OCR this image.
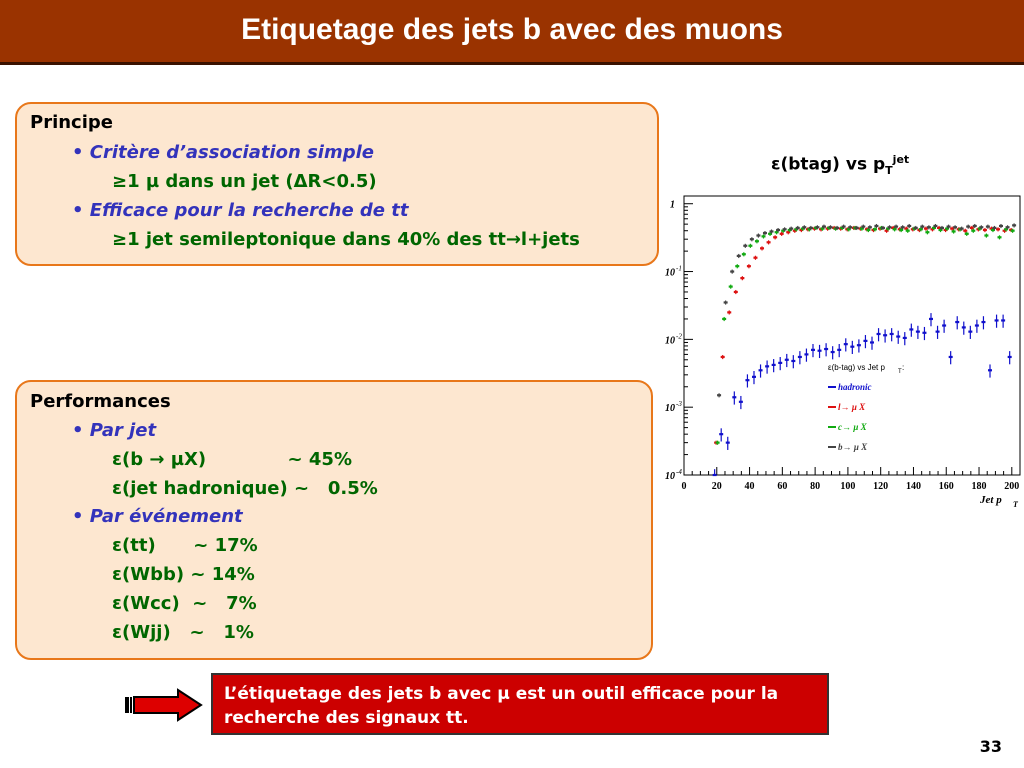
Etiquetage des jets b avec des muons
Principe
• Critère d’association simple
≥1 µ dans un jet (ΔR<0.5)
• Efficace pour la recherche de tt
≥1 jet semileptonique dans 40% des tt→l+jets
Performances
• Par jet
ε(b → µX)             ~ 45%
ε(jet hadronique) ~   0.5%
• Par événement
ε(tt)      ~ 17%
ε(Wbb) ~ 14%
ε(Wcc)  ~   7%
ε(Wjj)   ~   1%
ε(btag) vs $p_T^{jet}$
0	20 40 60 80 100 120 140 160 180 200
1
10 -1
10 -2
10 -3
10 -4
Jet p T
ε(b-tag) vs Jet p T :
hadronic
l→ µ X
c→ µ X
b→ µ X
L’étiquetage des jets b avec µ est un outil efficace pour la recherche des signaux tt.
33
